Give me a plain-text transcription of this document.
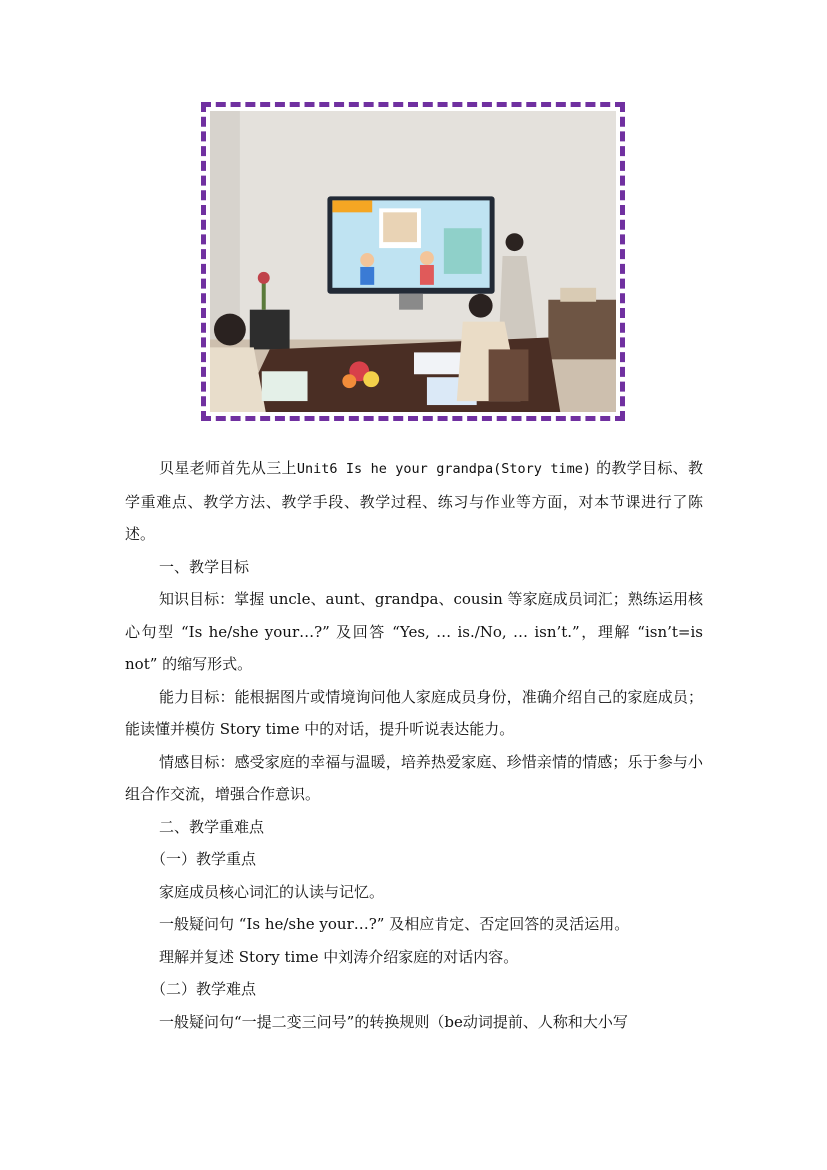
贝星老师首先从三上Unit6 Is he your grandpa(Story time) 的教学目标、教学重难点、教学方法、教学手段、教学过程、练习与作业等方面，对本节课进行了陈述。

一、教学目标

知识目标：掌握 uncle、aunt、grandpa、cousin 等家庭成员词汇；熟练运用核心句型 “Is he/she your…?” 及回答 “Yes, … is./No, … isn’t.”，理解 “isn’t=is not” 的缩写形式。

能力目标：能根据图片或情境询问他人家庭成员身份，准确介绍自己的家庭成员；能读懂并模仿 Story time 中的对话，提升听说表达能力。

情感目标：感受家庭的幸福与温暖，培养热爱家庭、珍惜亲情的情感；乐于参与小组合作交流，增强合作意识。

二、教学重难点

（一）教学重点

家庭成员核心词汇的认读与记忆。

一般疑问句 “Is he/she your…?” 及相应肯定、否定回答的灵活运用。

理解并复述 Story time 中刘涛介绍家庭的对话内容。

（二）教学难点

一般疑问句“一提二变三问号”的转换规则（be动词提前、人称和大小写
